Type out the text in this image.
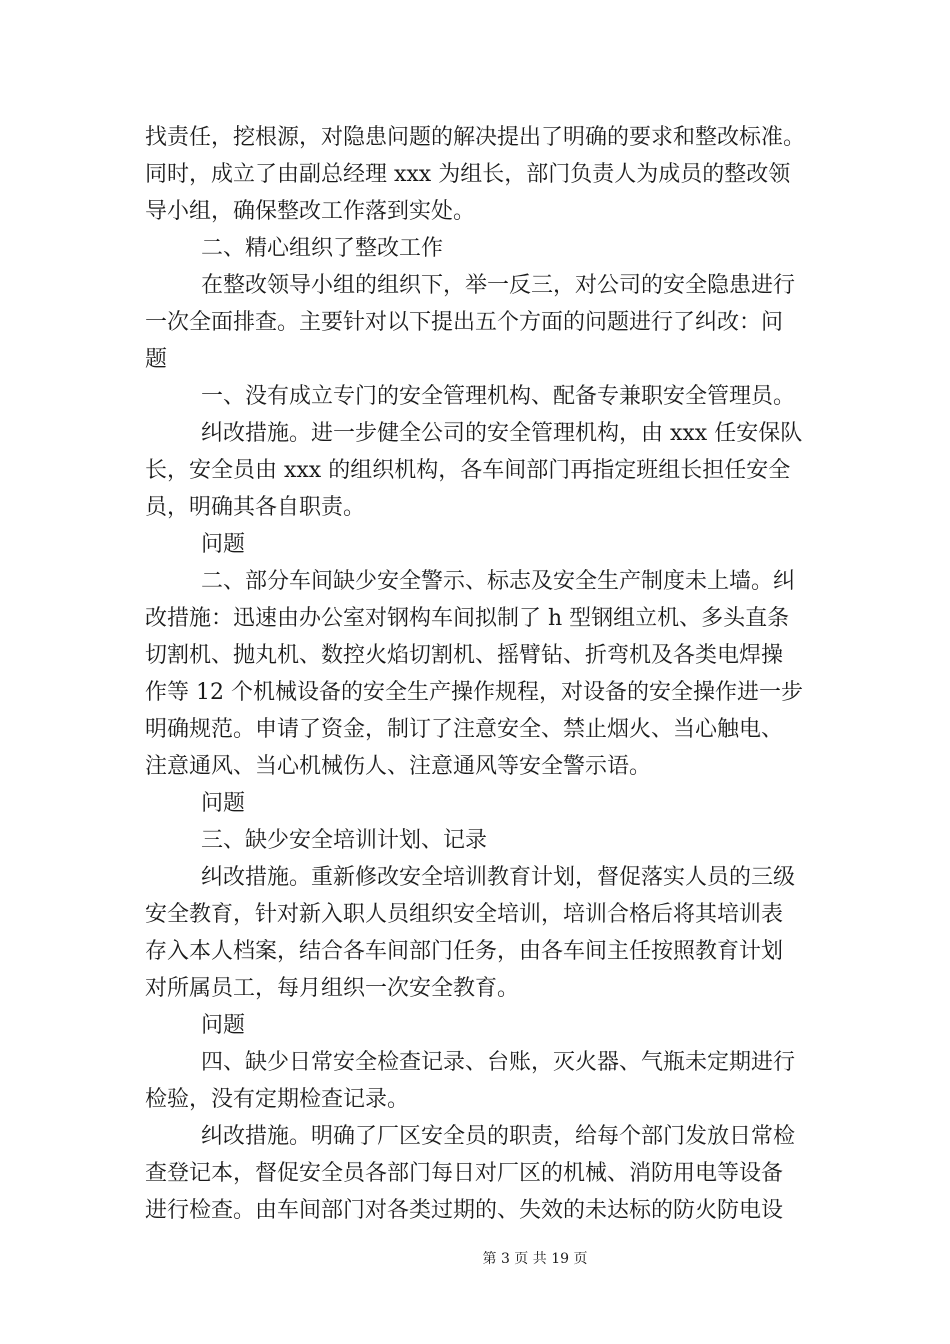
找责任，挖根源，对隐患问题的解决提出了明确的要求和整改标准。
同时，成立了由副总经理 xxx 为组长，部门负责人为成员的整改领
导小组，确保整改工作落到实处。
二、精心组织了整改工作
在整改领导小组的组织下，举一反三，对公司的安全隐患进行
一次全面排查。主要针对以下提出五个方面的问题进行了纠改：问
题
一、没有成立专门的安全管理机构、配备专兼职安全管理员。
纠改措施。进一步健全公司的安全管理机构，由 xxx 任安保队
长，安全员由 xxx 的组织机构，各车间部门再指定班组长担任安全
员，明确其各自职责。
问题
二、部分车间缺少安全警示、标志及安全生产制度未上墙。纠
改措施：迅速由办公室对钢构车间拟制了 h 型钢组立机、多头直条
切割机、抛丸机、数控火焰切割机、摇臂钻、折弯机及各类电焊操
作等 12 个机械设备的安全生产操作规程，对设备的安全操作进一步
明确规范。申请了资金，制订了注意安全、禁止烟火、当心触电、
注意通风、当心机械伤人、注意通风等安全警示语。
问题
三、缺少安全培训计划、记录
纠改措施。重新修改安全培训教育计划，督促落实人员的三级
安全教育，针对新入职人员组织安全培训，培训合格后将其培训表
存入本人档案，结合各车间部门任务，由各车间主任按照教育计划
对所属员工，每月组织一次安全教育。
问题
四、缺少日常安全检查记录、台账，灭火器、气瓶未定期进行
检验，没有定期检查记录。
纠改措施。明确了厂区安全员的职责，给每个部门发放日常检
查登记本，督促安全员各部门每日对厂区的机械、消防用电等设备
进行检查。由车间部门对各类过期的、失效的未达标的防火防电设
第 3 页 共 19 页
